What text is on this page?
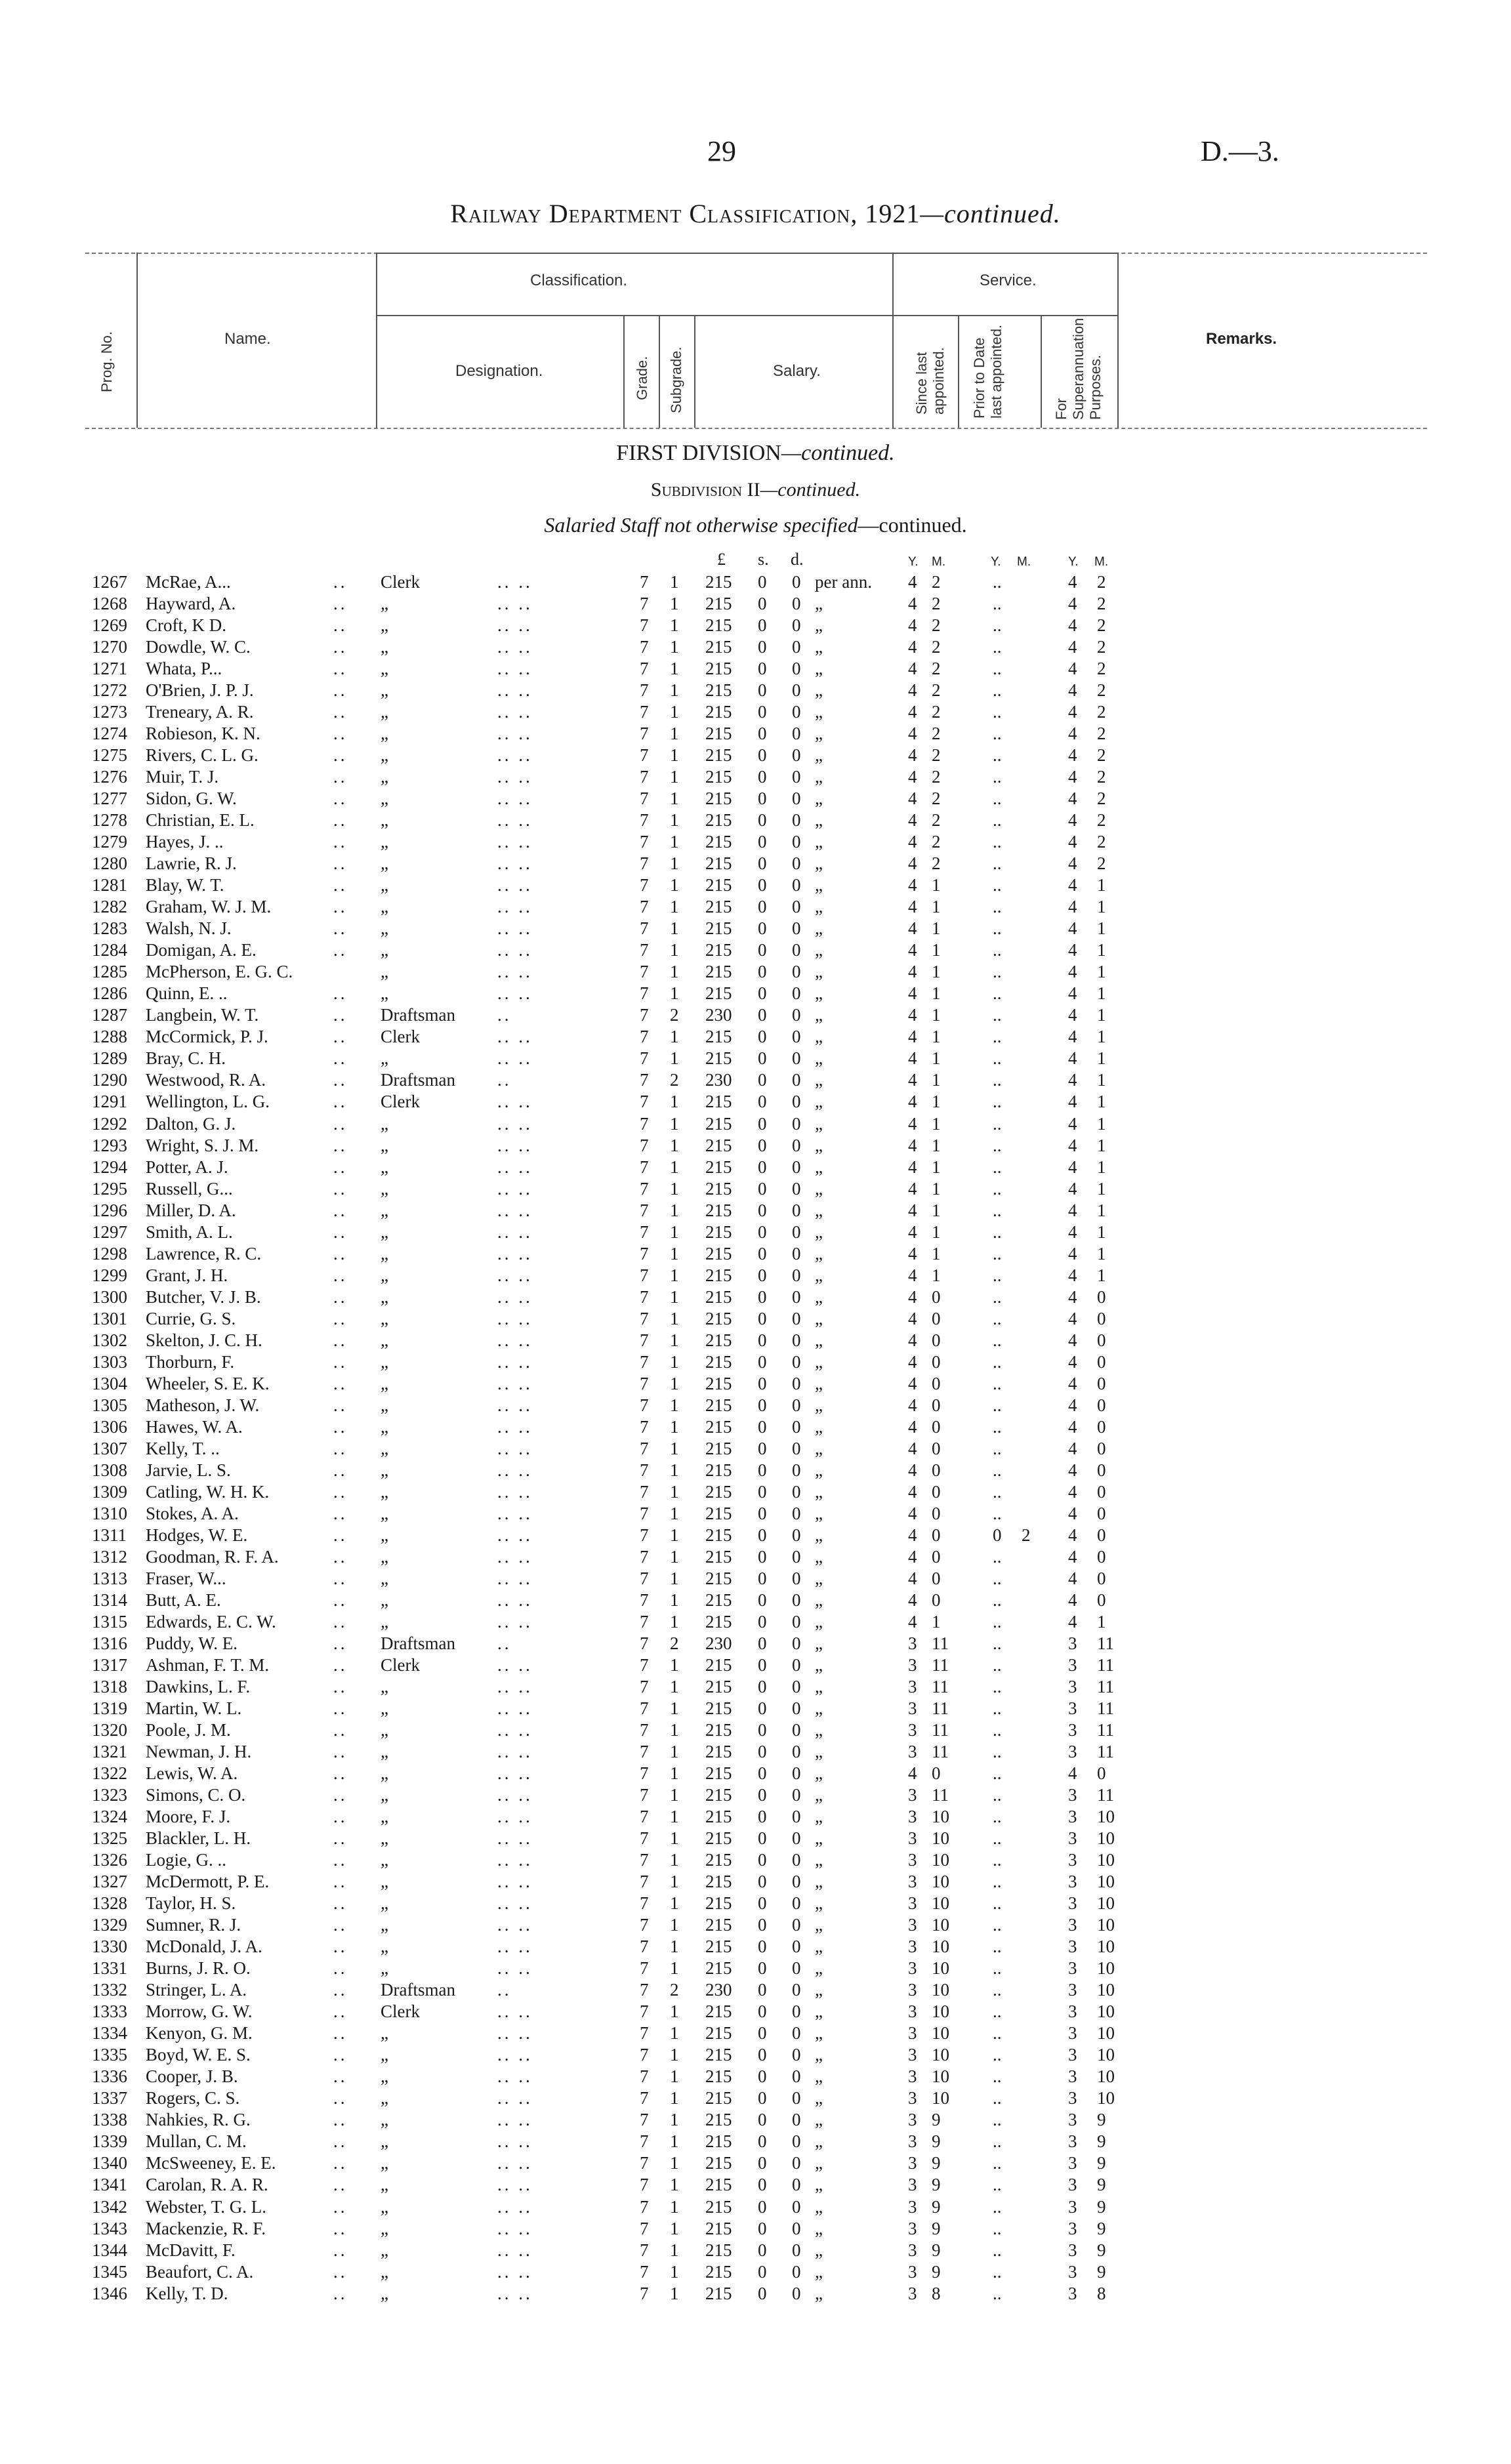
29	D.—3.
Railway Department Classification, 1921—continued.
Prog. No.	Name.
Classification.
Designation.	Grade. Subgrade.	Salary.
Service.
Since last appointed. Prior to Date last appointed.	For Superannuation Purposes.
Remarks.
FIRST DIVISION—continued.
Subdivision II—continued.
Salaried Staff not otherwise specified—continued.
£ s. d.	Y. M.	Y. M.	Y. M.
1267 McRae, A...	.. Clerk	.. ..	7 1 215 0 0 per ann. 4 2	..	4 2
1268 Hayward, A.	.. „	.. ..	7 1 215 0 0 „	4 2	..	4 2
1269 Croft, K D.	.. „	.. ..	7 1 215 0 0 „	4 2	..	4 2
1270 Dowdle, W. C.	.. „	.. ..	7 1 215 0 0 „	4 2	..	4 2
1271 Whata, P...	.. „	.. ..	7 1 215 0 0 „	4 2	..	4 2
1272 O'Brien, J. P. J.	.. „	.. ..	7 1 215 0 0 „	4 2	..	4 2
1273 Treneary, A. R.	.. „	.. ..	7 1 215 0 0 „	4 2	..	4 2
1274 Robieson, K. N.	.. „	.. ..	7 1 215 0 0 „	4 2	..	4 2
1275 Rivers, C. L. G.	.. „	.. ..	7 1 215 0 0 „	4 2	..	4 2
1276 Muir, T. J.	.. „	.. ..	7 1 215 0 0 „	4 2	..	4 2
1277 Sidon, G. W.	.. „	.. ..	7 1 215 0 0 „	4 2	..	4 2
1278 Christian, E. L.	.. „	.. ..	7 1 215 0 0 „	4 2	..	4 2
1279 Hayes, J. ..	.. „	.. ..	7 1 215 0 0 „	4 2	..	4 2
1280 Lawrie, R. J.	.. „	.. ..	7 1 215 0 0 „	4 2	..	4 2
1281 Blay, W. T.	.. „	.. ..	7 1 215 0 0 „	4 1	..	4 1
1282 Graham, W. J. M.	.. „	.. ..	7 1 215 0 0 „	4 1	..	4 1
1283 Walsh, N. J.	.. „	.. ..	7 1 215 0 0 „	4 1	..	4 1
1284 Domigan, A. E.	.. „	.. ..	7 1 215 0 0 „	4 1	..	4 1
1285 McPherson, E. G. C.	„	.. ..	7 1 215 0 0 „	4 1	..	4 1
1286 Quinn, E. ..	.. „	.. ..	7 1 215 0 0 „	4 1	..	4 1
1287 Langbein, W. T.	.. Draftsman ..	7 2 230 0 0 „	4 1	..	4 1
1288 McCormick, P. J.	.. Clerk	.. ..	7 1 215 0 0 „	4 1	..	4 1
1289 Bray, C. H.	.. „	.. ..	7 1 215 0 0 „	4 1	..	4 1
1290 Westwood, R. A.	.. Draftsman ..	7 2 230 0 0 „	4 1	..	4 1
1291 Wellington, L. G.	.. Clerk	.. ..	7 1 215 0 0 „	4 1	..	4 1
1292 Dalton, G. J.	.. „	.. ..	7 1 215 0 0 „	4 1	..	4 1
1293 Wright, S. J. M.	.. „	.. ..	7 1 215 0 0 „	4 1	..	4 1
1294 Potter, A. J.	.. „	.. ..	7 1 215 0 0 „	4 1	..	4 1
1295 Russell, G...	.. „	.. ..	7 1 215 0 0 „	4 1	..	4 1
1296 Miller, D. A.	.. „	.. ..	7 1 215 0 0 „	4 1	..	4 1
1297 Smith, A. L.	.. „	.. ..	7 1 215 0 0 „	4 1	..	4 1
1298 Lawrence, R. C.	.. „	.. ..	7 1 215 0 0 „	4 1	..	4 1
1299 Grant, J. H.	.. „	.. ..	7 1 215 0 0 „	4 1	..	4 1
1300 Butcher, V. J. B.	.. „	.. ..	7 1 215 0 0 „	4 0	..	4 0
1301 Currie, G. S.	.. „	.. ..	7 1 215 0 0 „	4 0	..	4 0
1302 Skelton, J. C. H.	.. „	.. ..	7 1 215 0 0 „	4 0	..	4 0
1303 Thorburn, F.	.. „	.. ..	7 1 215 0 0 „	4 0	..	4 0
1304 Wheeler, S. E. K.	.. „	.. ..	7 1 215 0 0 „	4 0	..	4 0
1305 Matheson, J. W.	.. „	.. ..	7 1 215 0 0 „	4 0	..	4 0
1306 Hawes, W. A.	.. „	.. ..	7 1 215 0 0 „	4 0	..	4 0
1307 Kelly, T. ..	.. „	.. ..	7 1 215 0 0 „	4 0	..	4 0
1308 Jarvie, L. S.	.. „	.. ..	7 1 215 0 0 „	4 0	..	4 0
1309 Catling, W. H. K.	.. „	.. ..	7 1 215 0 0 „	4 0	..	4 0
1310 Stokes, A. A.	.. „	.. ..	7 1 215 0 0 „	4 0	..	4 0
1311 Hodges, W. E.	.. „	.. ..	7 1 215 0 0 „	4 0	0 2 4 0
1312 Goodman, R. F. A.	.. „	.. ..	7 1 215 0 0 „	4 0	..	4 0
1313 Fraser, W...	.. „	.. ..	7 1 215 0 0 „	4 0	..	4 0
1314 Butt, A. E.	.. „	.. ..	7 1 215 0 0 „	4 0	..	4 0
1315 Edwards, E. C. W.	.. „	.. ..	7 1 215 0 0 „	4 1	..	4 1
1316 Puddy, W. E.	.. Draftsman ..	7 2 230 0 0 „	3 11 ..	3 11
1317 Ashman, F. T. M.	.. Clerk	.. ..	7 1 215 0 0 „	3 11 ..	3 11
1318 Dawkins, L. F.	.. „	.. ..	7 1 215 0 0 „	3 11 ..	3 11
1319 Martin, W. L.	.. „	.. ..	7 1 215 0 0 „	3 11 ..	3 11
1320 Poole, J. M.	.. „	.. ..	7 1 215 0 0 „	3 11 ..	3 11
1321 Newman, J. H.	.. „	.. ..	7 1 215 0 0 „	3 11 ..	3 11
1322 Lewis, W. A.	.. „	.. ..	7 1 215 0 0 „	4 0	..	4 0
1323 Simons, C. O.	.. „	.. ..	7 1 215 0 0 „	3 11 ..	3 11
1324 Moore, F. J.	.. „	.. ..	7 1 215 0 0 „	3 10 ..	3 10
1325 Blackler, L. H.	.. „	.. ..	7 1 215 0 0 „	3 10 ..	3 10
1326 Logie, G. ..	.. „	.. ..	7 1 215 0 0 „	3 10 ..	3 10
1327 McDermott, P. E.	.. „	.. ..	7 1 215 0 0 „	3 10 ..	3 10
1328 Taylor, H. S.	.. „	.. ..	7 1 215 0 0 „	3 10 ..	3 10
1329 Sumner, R. J.	.. „	.. ..	7 1 215 0 0 „	3 10 ..	3 10
1330 McDonald, J. A.	.. „	.. ..	7 1 215 0 0 „	3 10 ..	3 10
1331 Burns, J. R. O.	.. „	.. ..	7 1 215 0 0 „	3 10 ..	3 10
1332 Stringer, L. A.	.. Draftsman ..	7 2 230 0 0 „	3 10 ..	3 10
1333 Morrow, G. W.	.. Clerk	.. ..	7 1 215 0 0 „	3 10 ..	3 10
1334 Kenyon, G. M.	.. „	.. ..	7 1 215 0 0 „	3 10 ..	3 10
1335 Boyd, W. E. S.	.. „	.. ..	7 1 215 0 0 „	3 10 ..	3 10
1336 Cooper, J. B.	.. „	.. ..	7 1 215 0 0 „	3 10 ..	3 10
1337 Rogers, C. S.	.. „	.. ..	7 1 215 0 0 „	3 10 ..	3 10
1338 Nahkies, R. G.	.. „	.. ..	7 1 215 0 0 „	3 9	..	3 9
1339 Mullan, C. M.	.. „	.. ..	7 1 215 0 0 „	3 9	..	3 9
1340 McSweeney, E. E.	.. „	.. ..	7 1 215 0 0 „	3 9	..	3 9
1341 Carolan, R. A. R.	.. „	.. ..	7 1 215 0 0 „	3 9	..	3 9
1342 Webster, T. G. L.	.. „	.. ..	7 1 215 0 0 „	3 9	..	3 9
1343 Mackenzie, R. F.	.. „	.. ..	7 1 215 0 0 „	3 9	..	3 9
1344 McDavitt, F.	.. „	.. ..	7 1 215 0 0 „	3 9	..	3 9
1345 Beaufort, C. A.	.. „	.. ..	7 1 215 0 0 „	3 9	..	3 9
1346 Kelly, T. D.	.. „	.. ..	7 1 215 0 0 „	3 8	..	3 8
